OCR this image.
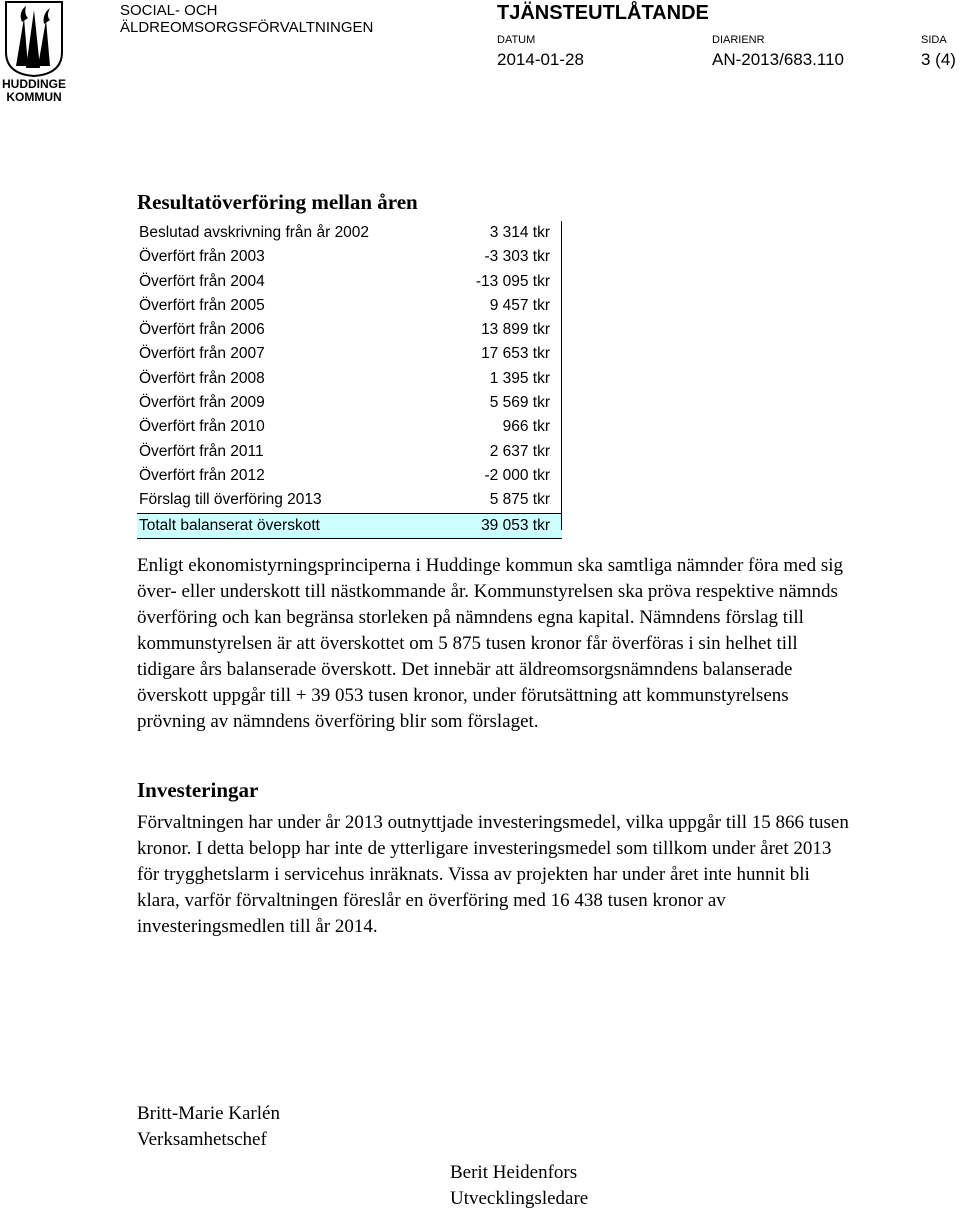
HUDDINGE
KOMMUN
SOCIAL- OCH
ÄLDREOMSORGSFÖRVALTNINGEN
TJÄNSTEUTLÅTANDE
DATUM
2014-01-28
DIARIENR
AN-2013/683.110
SIDA
3 (4)
Resultatöverföring mellan åren
Beslutad avskrivning från år 2002	3 314 tkr
Överfört från 2003	-3 303 tkr
Överfört från 2004	-13 095 tkr
Överfört från 2005	9 457 tkr
Överfört från 2006	13 899 tkr
Överfört från 2007	17 653 tkr
Överfört från 2008	1 395 tkr
Överfört från 2009	5 569 tkr
Överfört från 2010	966 tkr
Överfört från 2011	2 637 tkr
Överfört från 2012	-2 000 tkr
Förslag till överföring 2013	5 875 tkr
Totalt balanserat överskott	39 053 tkr
Enligt ekonomistyrningsprinciperna i Huddinge kommun ska samtliga nämnder föra med sig över- eller underskott till nästkommande år. Kommunstyrelsen ska pröva respektive nämnds överföring och kan begränsa storleken på nämndens egna kapital. Nämndens förslag till kommunstyrelsen är att överskottet om 5 875 tusen kronor får överföras i sin helhet till tidigare års balanserade överskott. Det innebär att äldreomsorgsnämndens balanserade överskott uppgår till + 39 053 tusen kronor, under förutsättning att kommunstyrelsens prövning av nämndens överföring blir som förslaget.
Investeringar
Förvaltningen har under år 2013 outnyttjade investeringsmedel, vilka uppgår till 15 866 tusen kronor. I detta belopp har inte de ytterligare investeringsmedel som tillkom under året 2013 för trygghetslarm i servicehus inräknats. Vissa av projekten har under året inte hunnit bli klara, varför förvaltningen föreslår en överföring med 16 438 tusen kronor av investeringsmedlen till år 2014.
Britt-Marie Karlén
Verksamhetschef
Berit Heidenfors
Utvecklingsledare
